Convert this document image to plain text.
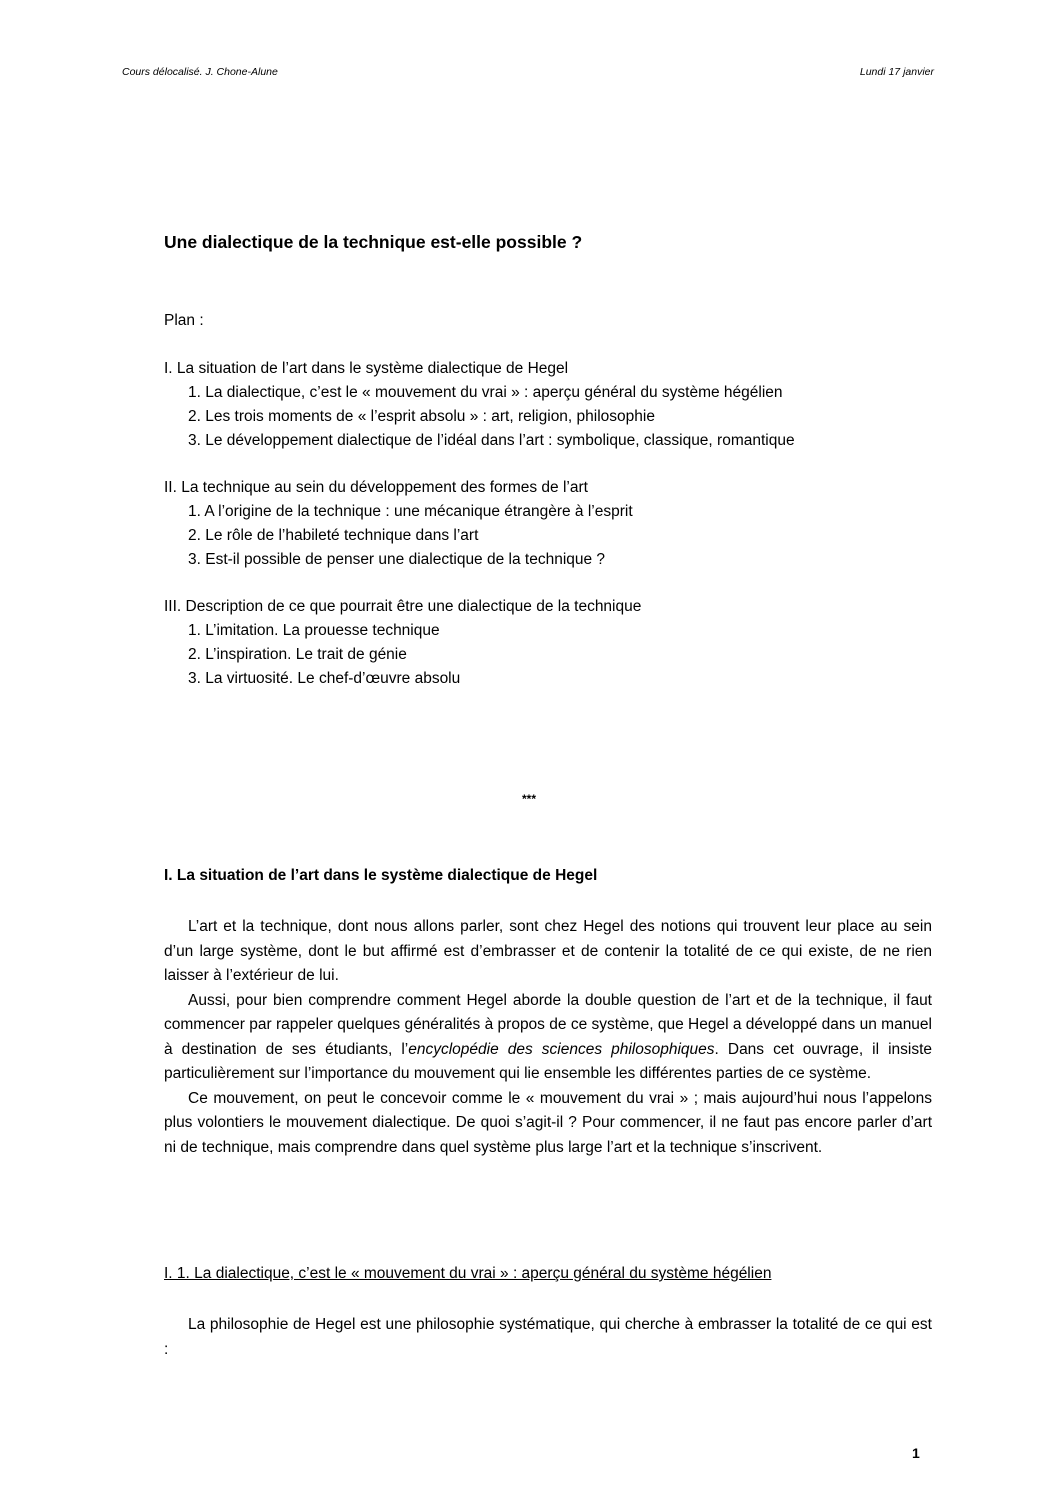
Cours délocalisé. J. Chone-Alune	Lundi 17 janvier
Une dialectique de la technique est-elle possible ?
Plan :
I. La situation de l’art dans le système dialectique de Hegel
1. La dialectique, c’est le « mouvement du vrai » : aperçu général du système hégélien
2. Les trois moments de « l’esprit absolu » : art, religion, philosophie
3. Le développement dialectique de l’idéal dans l’art : symbolique, classique, romantique
II. La technique au sein du développement des formes de l’art
1. A l’origine de la technique : une mécanique étrangère à l’esprit
2. Le rôle de l’habileté technique dans l’art
3. Est-il possible de penser une dialectique de la technique ?
III. Description de ce que pourrait être une dialectique de la technique
1. L’imitation. La prouesse technique
2. L’inspiration. Le trait de génie
3. La virtuosité. Le chef-d’œuvre absolu
***
I. La situation de l’art dans le système dialectique de Hegel

L’art et la technique, dont nous allons parler, sont chez Hegel des notions qui trouvent leur place au sein d’un large système, dont le but affirmé est d’embrasser et de contenir la totalité de ce qui existe, de ne rien laisser à l’extérieur de lui.

Aussi, pour bien comprendre comment Hegel aborde la double question de l’art et de la technique, il faut commencer par rappeler quelques généralités à propos de ce système, que Hegel a développé dans un manuel à destination de ses étudiants, l’encyclopédie des sciences philosophiques. Dans cet ouvrage, il insiste particulièrement sur l’importance du mouvement qui lie ensemble les différentes parties de ce système.

Ce mouvement, on peut le concevoir comme le « mouvement du vrai » ; mais aujourd’hui nous l’appelons plus volontiers le mouvement dialectique. De quoi s’agit-il ? Pour commencer, il ne faut pas encore parler d’art ni de technique, mais comprendre dans quel système plus large l’art et la technique s’inscrivent.

I. 1. La dialectique, c’est le « mouvement du vrai » : aperçu général du système hégélien

La philosophie de Hegel est une philosophie systématique, qui cherche à embrasser la totalité de ce qui est :

1
